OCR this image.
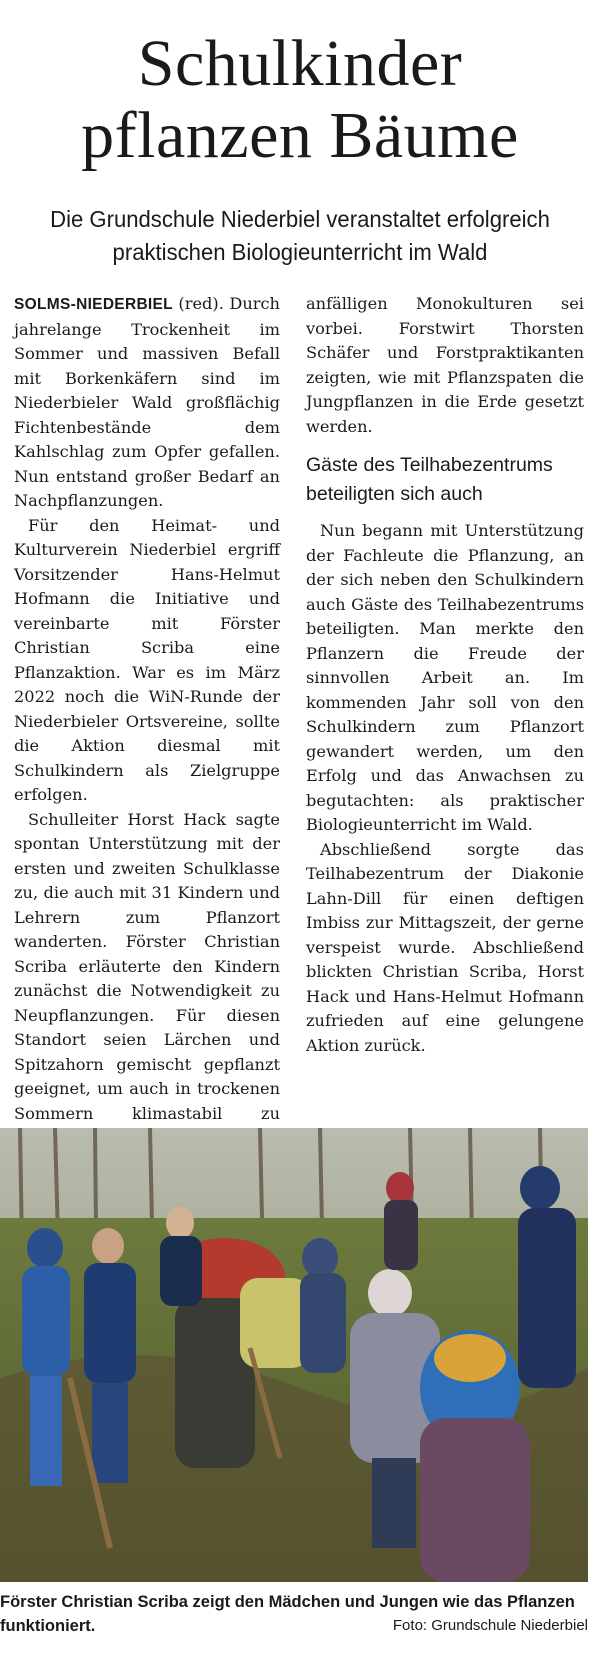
Schulkinder
pflanzen Bäume
Die Grundschule Niederbiel veranstaltet erfolgreich
praktischen Biologieunterricht im Wald

SOLMS-NIEDERBIEL (red). Durch jahrelange Trockenheit im Sommer und massiven Befall mit Borkenkäfern sind im Niederbieler Wald großflächig Fichtenbestände dem Kahlschlag zum Opfer gefallen. Nun entstand großer Bedarf an Nachpflanzungen.

Für den Heimat- und Kulturverein Niederbiel ergriff Vorsitzender Hans-Helmut Hofmann die Initiative und vereinbarte mit Förster Christian Scriba eine Pflanzaktion. War es im März 2022 noch die WiN-Runde der Niederbieler Ortsvereine, sollte die Aktion diesmal mit Schulkindern als Zielgruppe erfolgen.

Schulleiter Horst Hack sagte spontan Unterstützung mit der ersten und zweiten Schulklasse zu, die auch mit 31 Kindern und Lehrern zum Pflanzort wanderten. Förster Christian Scriba erläuterte den Kindern zunächst die Notwendigkeit zu Neupflanzungen. Für diesen Standort seien Lärchen und Spitzahorn gemischt gepflanzt geeignet, um auch in trockenen Sommern klimastabil zu

anfälligen Monokulturen sei vorbei. Forstwirt Thorsten Schäfer und Forstpraktikanten zeigten, wie mit Pflanzspaten die Jungpflanzen in die Erde gesetzt werden.

Gäste des Teilhabezentrums beteiligten sich auch

Nun begann mit Unterstützung der Fachleute die Pflanzung, an der sich neben den Schulkindern auch Gäste des Teilhabezentrums beteiligten. Man merkte den Pflanzern die Freude der sinnvollen Arbeit an. Im kommenden Jahr soll von den Schulkindern zum Pflanzort gewandert werden, um den Erfolg und das Anwachsen zu begutachten: als praktischer Biologieunterricht im Wald.

Abschließend sorgte das Teilhabezentrum der Diakonie Lahn-Dill für einen deftigen Imbiss zur Mittagszeit, der gerne verspeist wurde. Abschließend blickten Christian Scriba, Horst Hack und Hans-Helmut Hofmann zufrieden auf eine gelungene Aktion zurück.

Förster Christian Scriba zeigt den Mädchen und Jungen wie das Pflanzen funktioniert.	Foto: Grundschule Niederbiel
